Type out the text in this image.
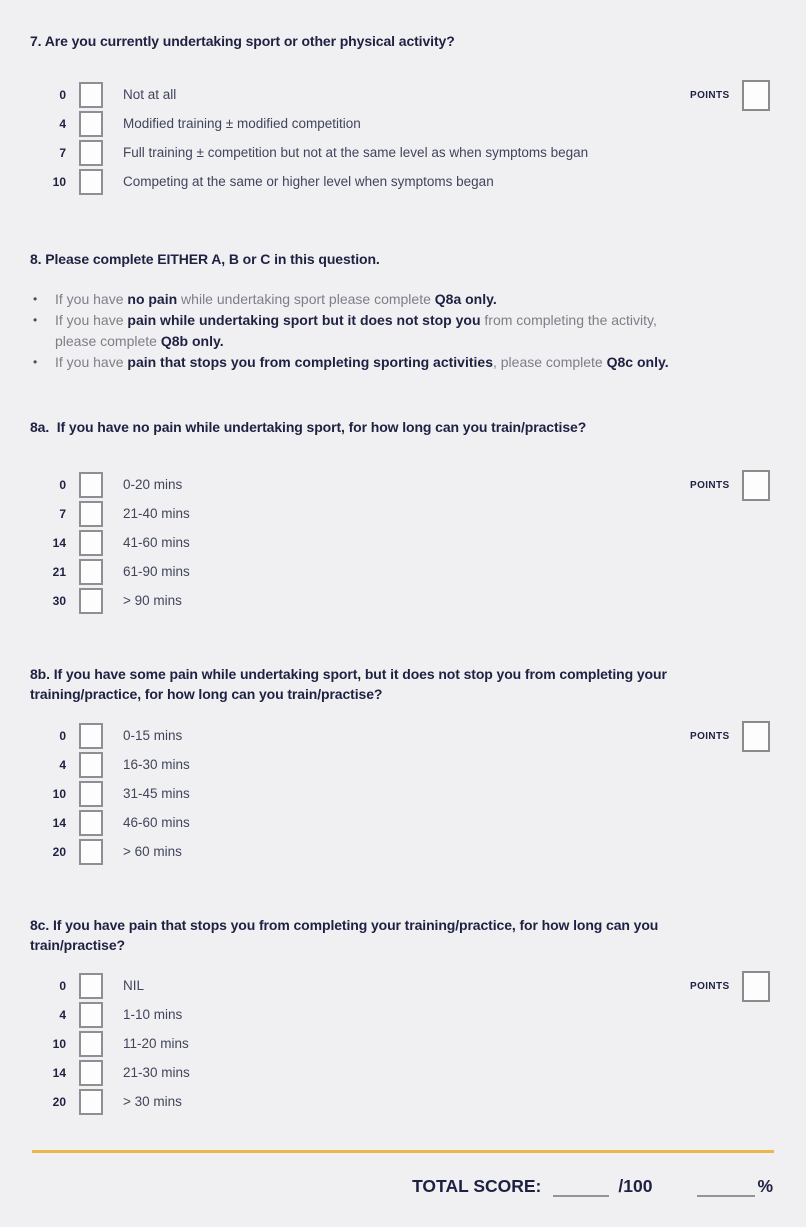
7. Are you currently undertaking sport or other physical activity?
0	Not at all
4	Modified training ± modified competition
7	Full training ± competition but not at the same level as when symptoms began
10	Competing at the same or higher level when symptoms began
POINTS
8. Please complete EITHER A, B or C in this question.
•	If you have no pain while undertaking sport please complete Q8a only.
•	If you have pain while undertaking sport but it does not stop you from completing the activity,
please complete Q8b only.
•	If you have pain that stops you from completing sporting activities, please complete Q8c only.
8a.  If you have no pain while undertaking sport, for how long can you train/practise?
0	0-20 mins
7	21-40 mins
14	41-60 mins
21	61-90 mins
30	> 90 mins
POINTS
8b. If you have some pain while undertaking sport, but it does not stop you from completing your training/practice, for how long can you train/practise?
0	0-15 mins
4	16-30 mins
10	31-45 mins
14	46-60 mins
20	> 60 mins
POINTS
8c. If you have pain that stops you from completing your training/practice, for how long can you train/practise?
0	NIL
4	1-10 mins
10	11-20 mins
14	21-30 mins
20	> 30 mins
POINTS
TOTAL SCORE:	/100	%
